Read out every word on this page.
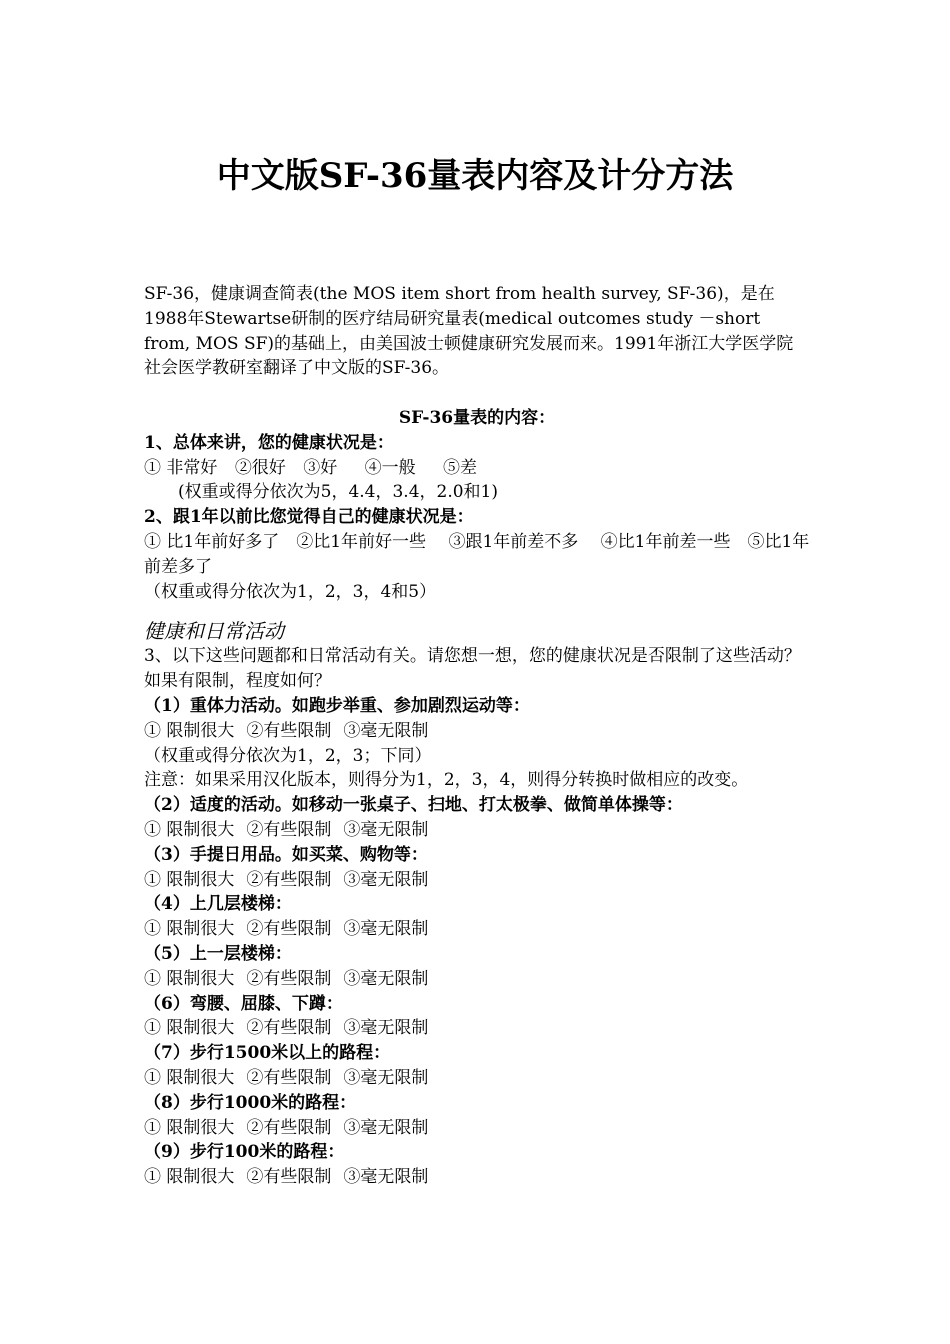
中文版SF-36量表内容及计分方法

SF-36，健康调查简表(the MOS item short from health survey, SF-36)，是在1988年Stewartse研制的医疗结局研究量表(medical outcomes study －short from, MOS SF)的基础上，由美国波士顿健康研究发展而来。1991年浙江大学医学院社会医学教研室翻译了中文版的SF-36。

SF-36量表的内容：

1、总体来讲，您的健康状况是：

① 非常好 ②很好 ③好 ④一般 ⑤差

(权重或得分依次为5，4.4，3.4，2.0和1)

2、跟1年以前比您觉得自己的健康状况是：

① 比1年前好多了　②比1年前好一些　 ③跟1年前差不多　 ④比1年前差一些　⑤比1年前差多了

（权重或得分依次为1，2，3，4和5）

健康和日常活动

3、以下这些问题都和日常活动有关。请您想一想，您的健康状况是否限制了这些活动？如果有限制，程度如何？

（1）重体力活动。如跑步举重、参加剧烈运动等：

① 限制很大 ②有些限制 ③毫无限制

（权重或得分依次为1，2，3；下同）

注意：如果采用汉化版本，则得分为1，2，3，4，则得分转换时做相应的改变。

（2）适度的活动。如移动一张桌子、扫地、打太极拳、做简单体操等：

① 限制很大 ②有些限制 ③毫无限制

（3）手提日用品。如买菜、购物等：

① 限制很大 ②有些限制 ③毫无限制

（4）上几层楼梯：

① 限制很大 ②有些限制 ③毫无限制

（5）上一层楼梯：

① 限制很大 ②有些限制 ③毫无限制

（6）弯腰、屈膝、下蹲：

① 限制很大 ②有些限制 ③毫无限制

（7）步行1500米以上的路程：

① 限制很大 ②有些限制 ③毫无限制

（8）步行1000米的路程：

① 限制很大 ②有些限制 ③毫无限制

（9）步行100米的路程：

① 限制很大 ②有些限制 ③毫无限制
